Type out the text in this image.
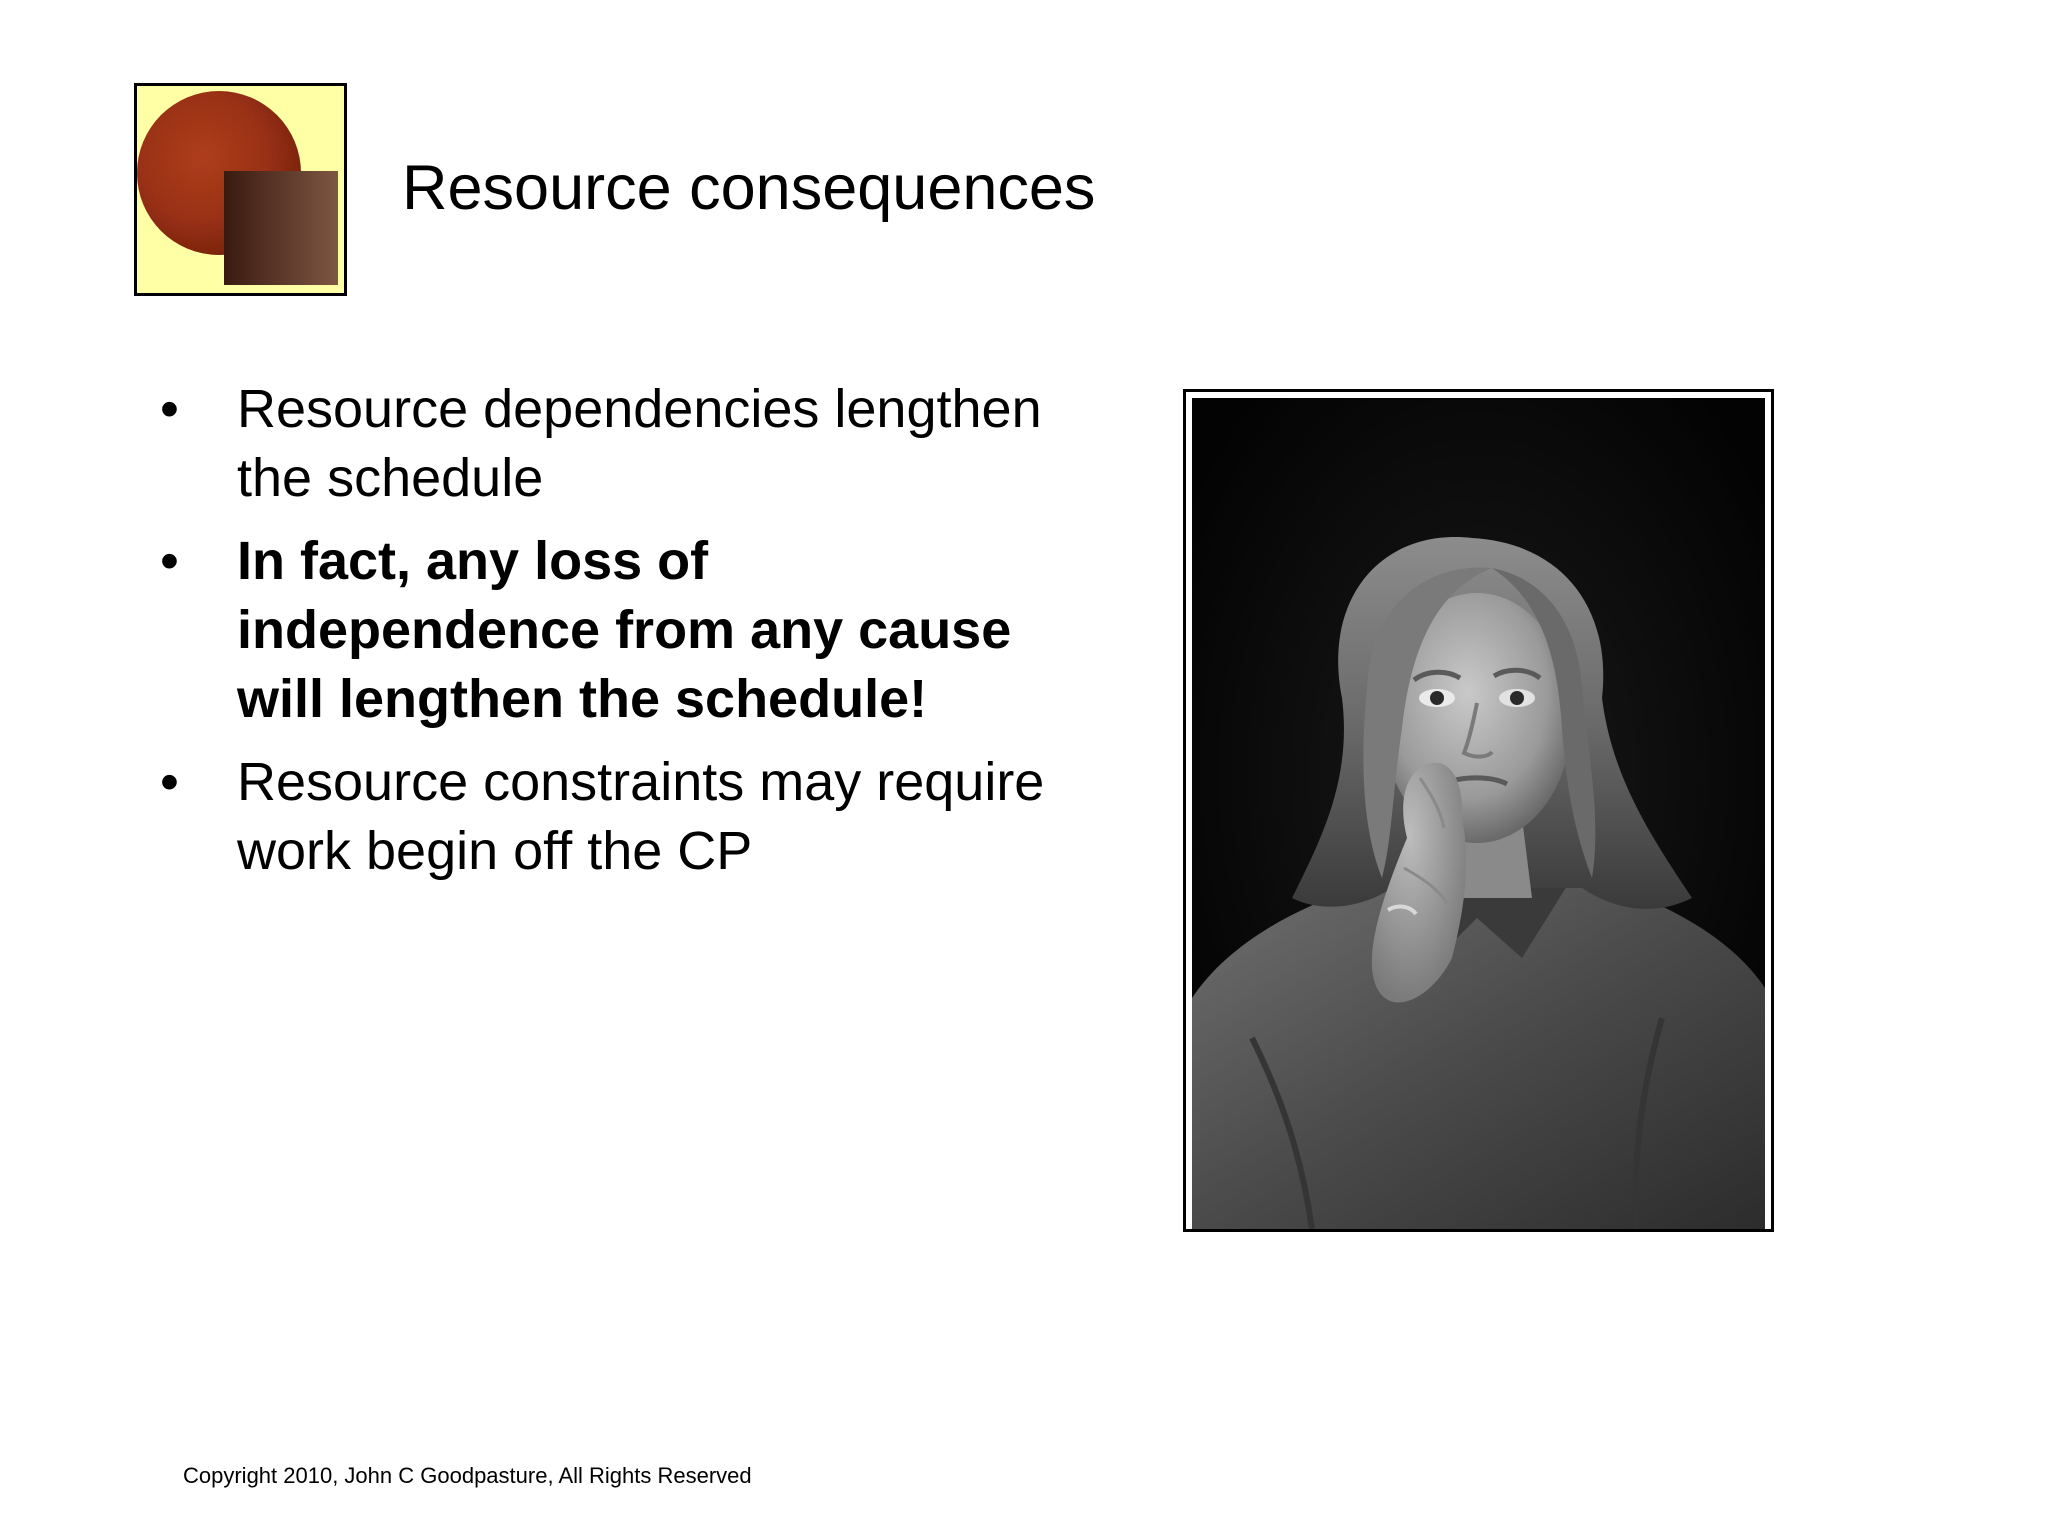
Resource consequences
• Resource dependencies lengthen the schedule
• In fact, any loss of independence from any cause will lengthen the schedule!
• Resource constraints may require work begin off the CP
Copyright 2010, John C Goodpasture, All Rights Reserved
